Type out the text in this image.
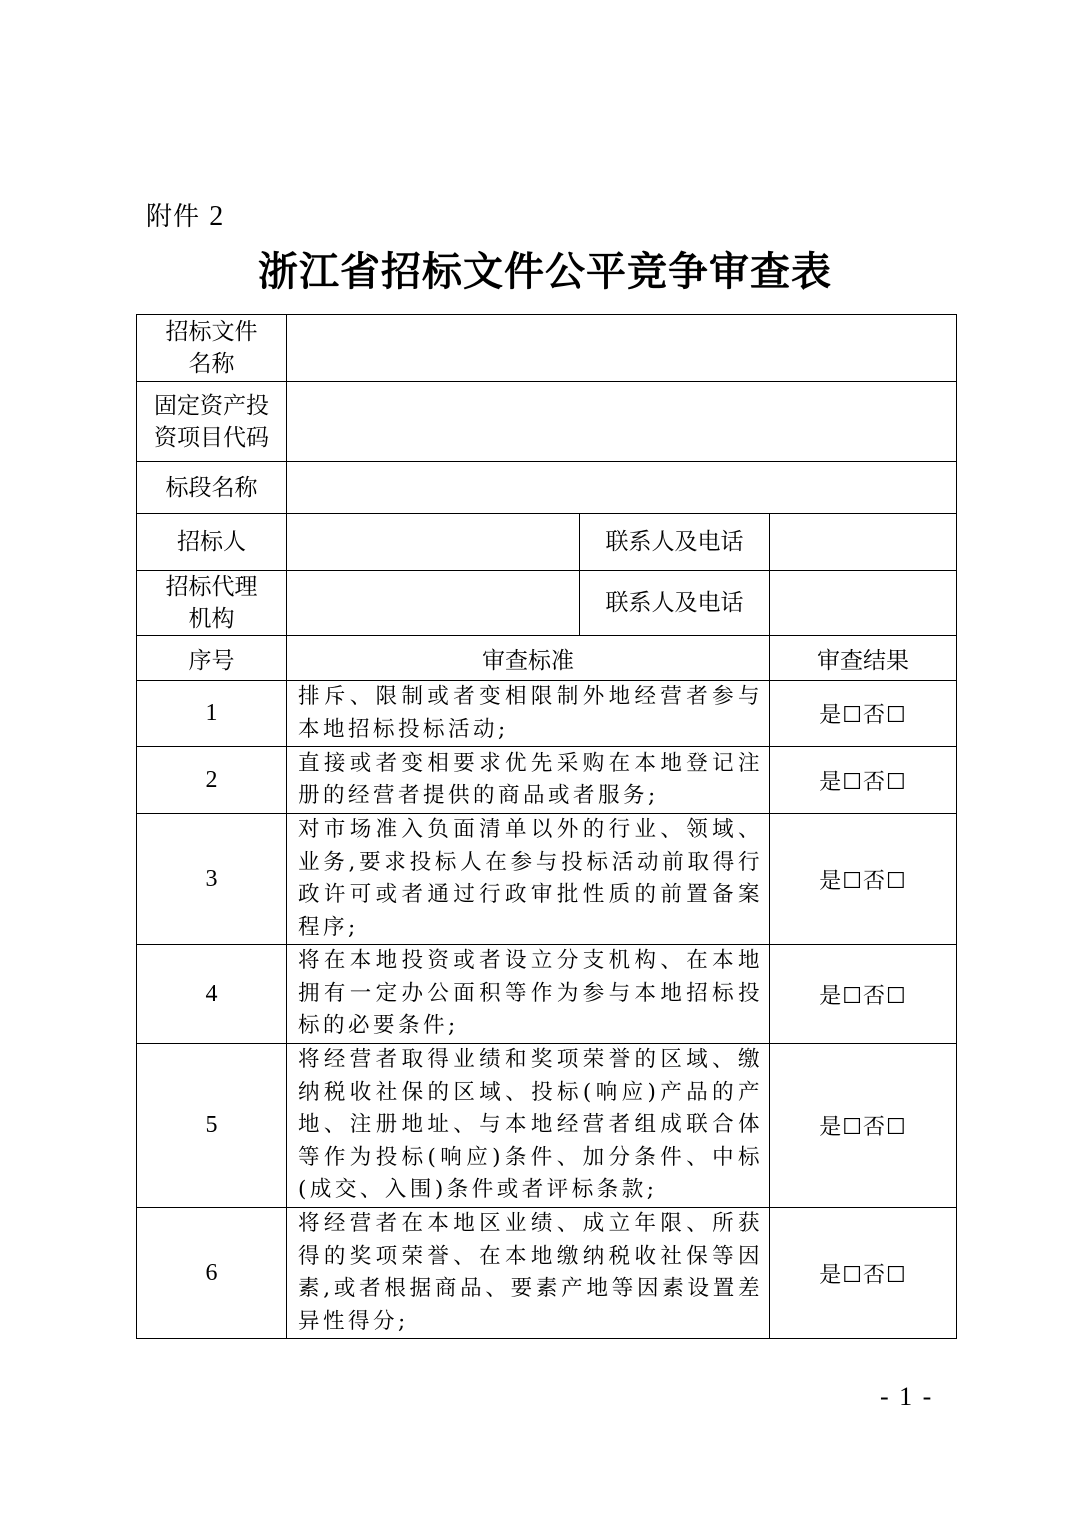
附件 2
浙江省招标文件公平竞争审查表
招标文件
名称			

固定资产投
资项目代码			

标段名称			
招标人		联系人及电话	

招标代理
机构		联系人及电话	
序号	审查标准		审查结果
1	排斥、限制或者变相限制外地经营者参与本地招标投标活动;		是☐否☐
2	直接或者变相要求优先采购在本地登记注册的经营者提供的商品或者服务;		是☐否☐
3	对市场准入负面清单以外的行业、领域、业务,要求投标人在参与投标活动前取得行政许可或者通过行政审批性质的前置备案程序;		是☐否☐
4	将在本地投资或者设立分支机构、在本地拥有一定办公面积等作为参与本地招标投标的必要条件;		是☐否☐
5	将经营者取得业绩和奖项荣誉的区域、缴纳税收社保的区域、投标(响应)产品的产地、注册地址、与本地经营者组成联合体等作为投标(响应)条件、加分条件、中标(成交、入围)条件或者评标条款;		是☐否☐
6	将经营者在本地区业绩、成立年限、所获得的奖项荣誉、在本地缴纳税收社保等因素,或者根据商品、要素产地等因素设置差异性得分;		是☐否☐
- 1 -
